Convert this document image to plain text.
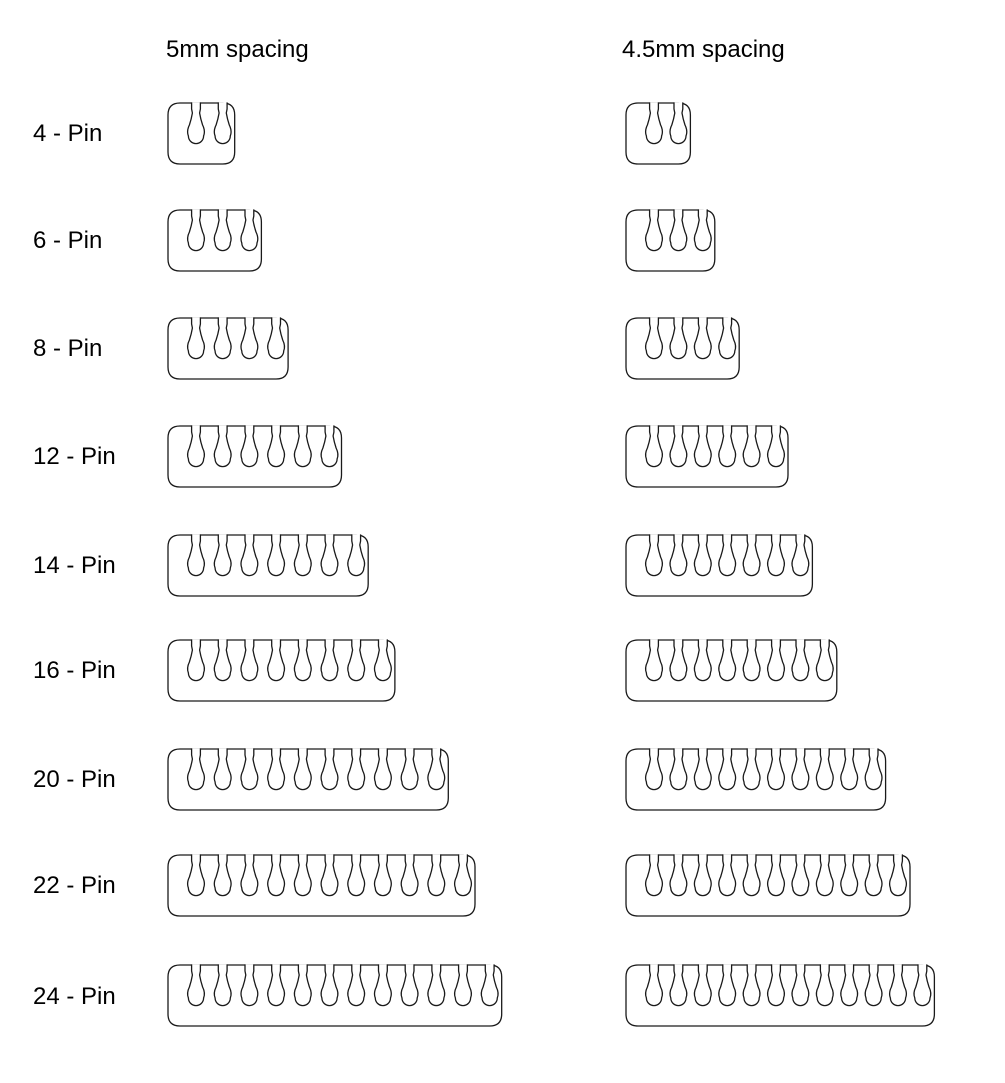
5mm spacing	4.5mm spacing
4 - Pin
6 - Pin
8 - Pin
12 - Pin
14 - Pin
16 - Pin
20 - Pin
22 - Pin
24 - Pin
